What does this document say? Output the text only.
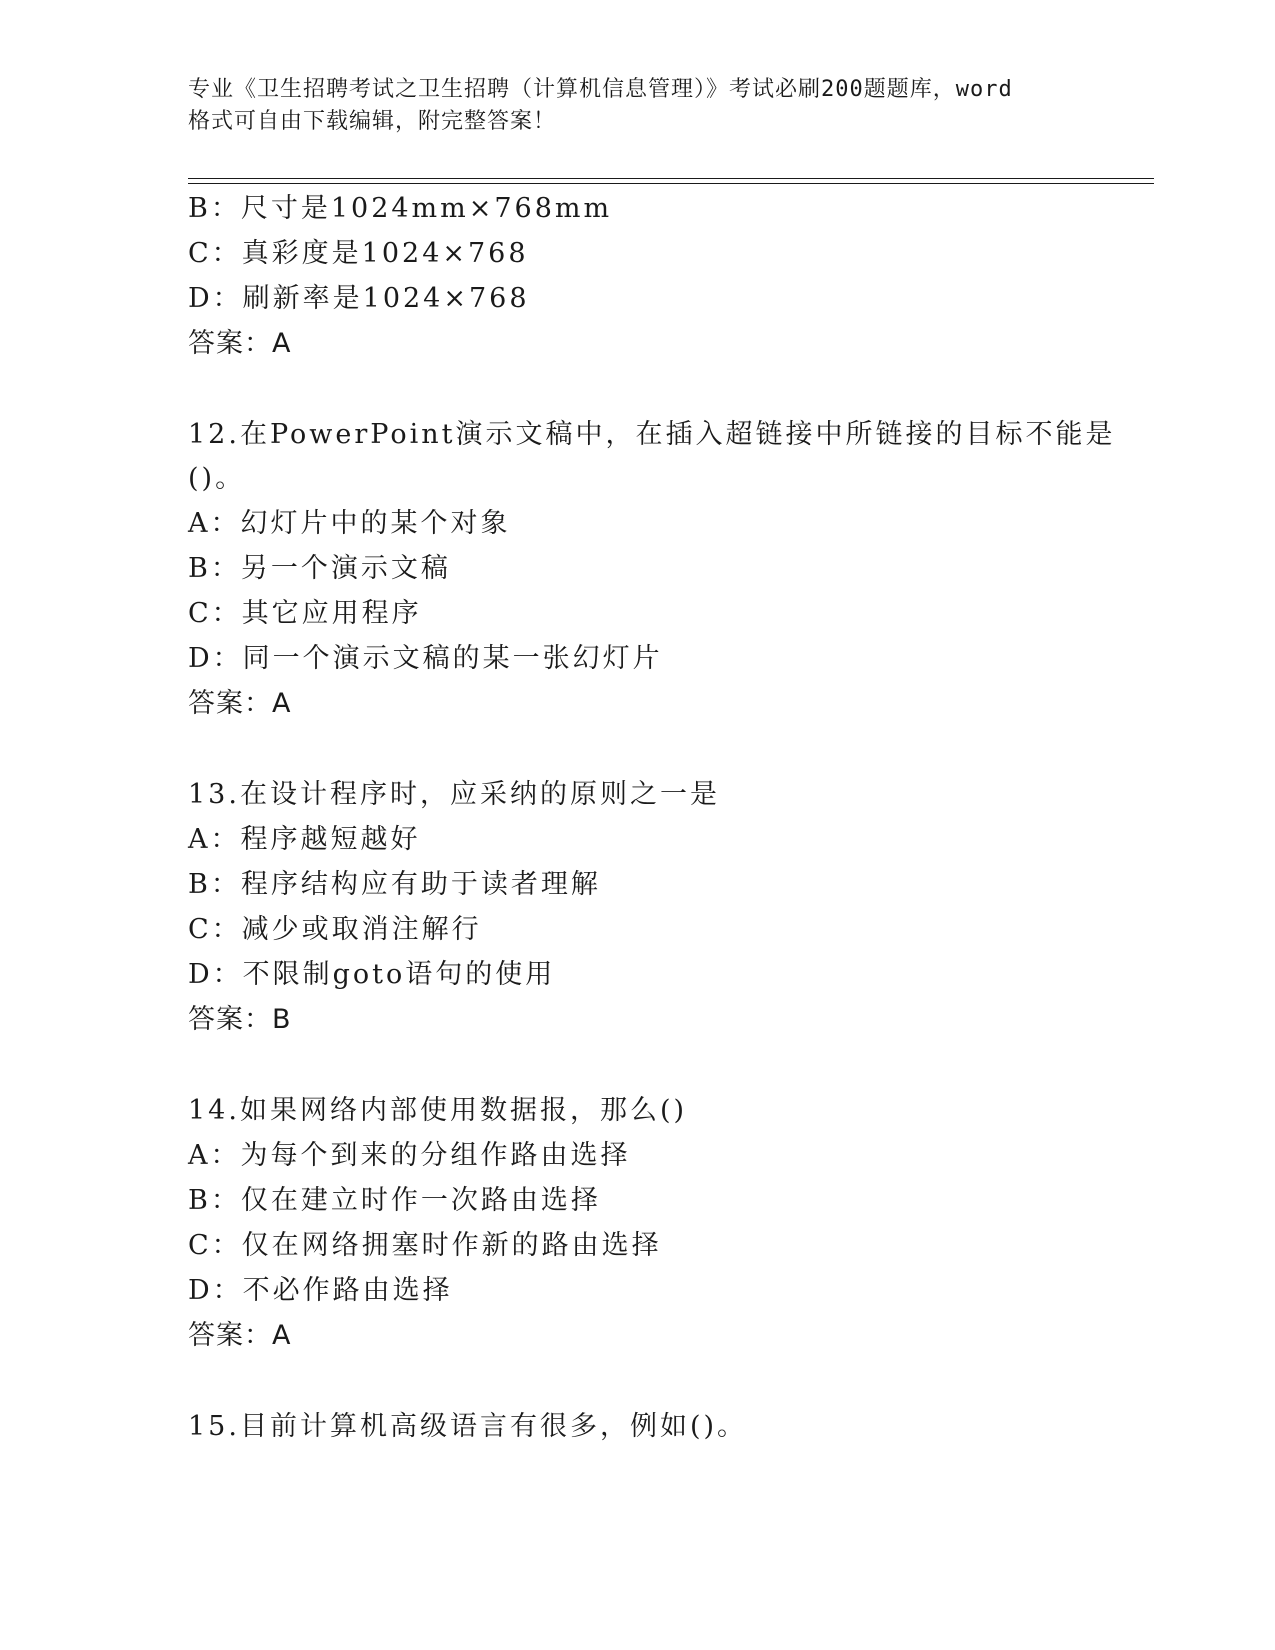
专业《卫生招聘考试之卫生招聘（计算机信息管理）》考试必刷200题题库，word
格式可自由下载编辑，附完整答案！
B：尺寸是1024mm×768mm
C：真彩度是1024×768
D：刷新率是1024×768
答案：A
12.在PowerPoint演示文稿中，在插入超链接中所链接的目标不能是
()。
A：幻灯片中的某个对象
B：另一个演示文稿
C：其它应用程序
D：同一个演示文稿的某一张幻灯片
答案：A
13.在设计程序时，应采纳的原则之一是
A：程序越短越好
B：程序结构应有助于读者理解
C：减少或取消注解行
D：不限制goto语句的使用
答案：B
14.如果网络内部使用数据报，那么()
A：为每个到来的分组作路由选择
B：仅在建立时作一次路由选择
C：仅在网络拥塞时作新的路由选择
D：不必作路由选择
答案：A
15.目前计算机高级语言有很多，例如()。
